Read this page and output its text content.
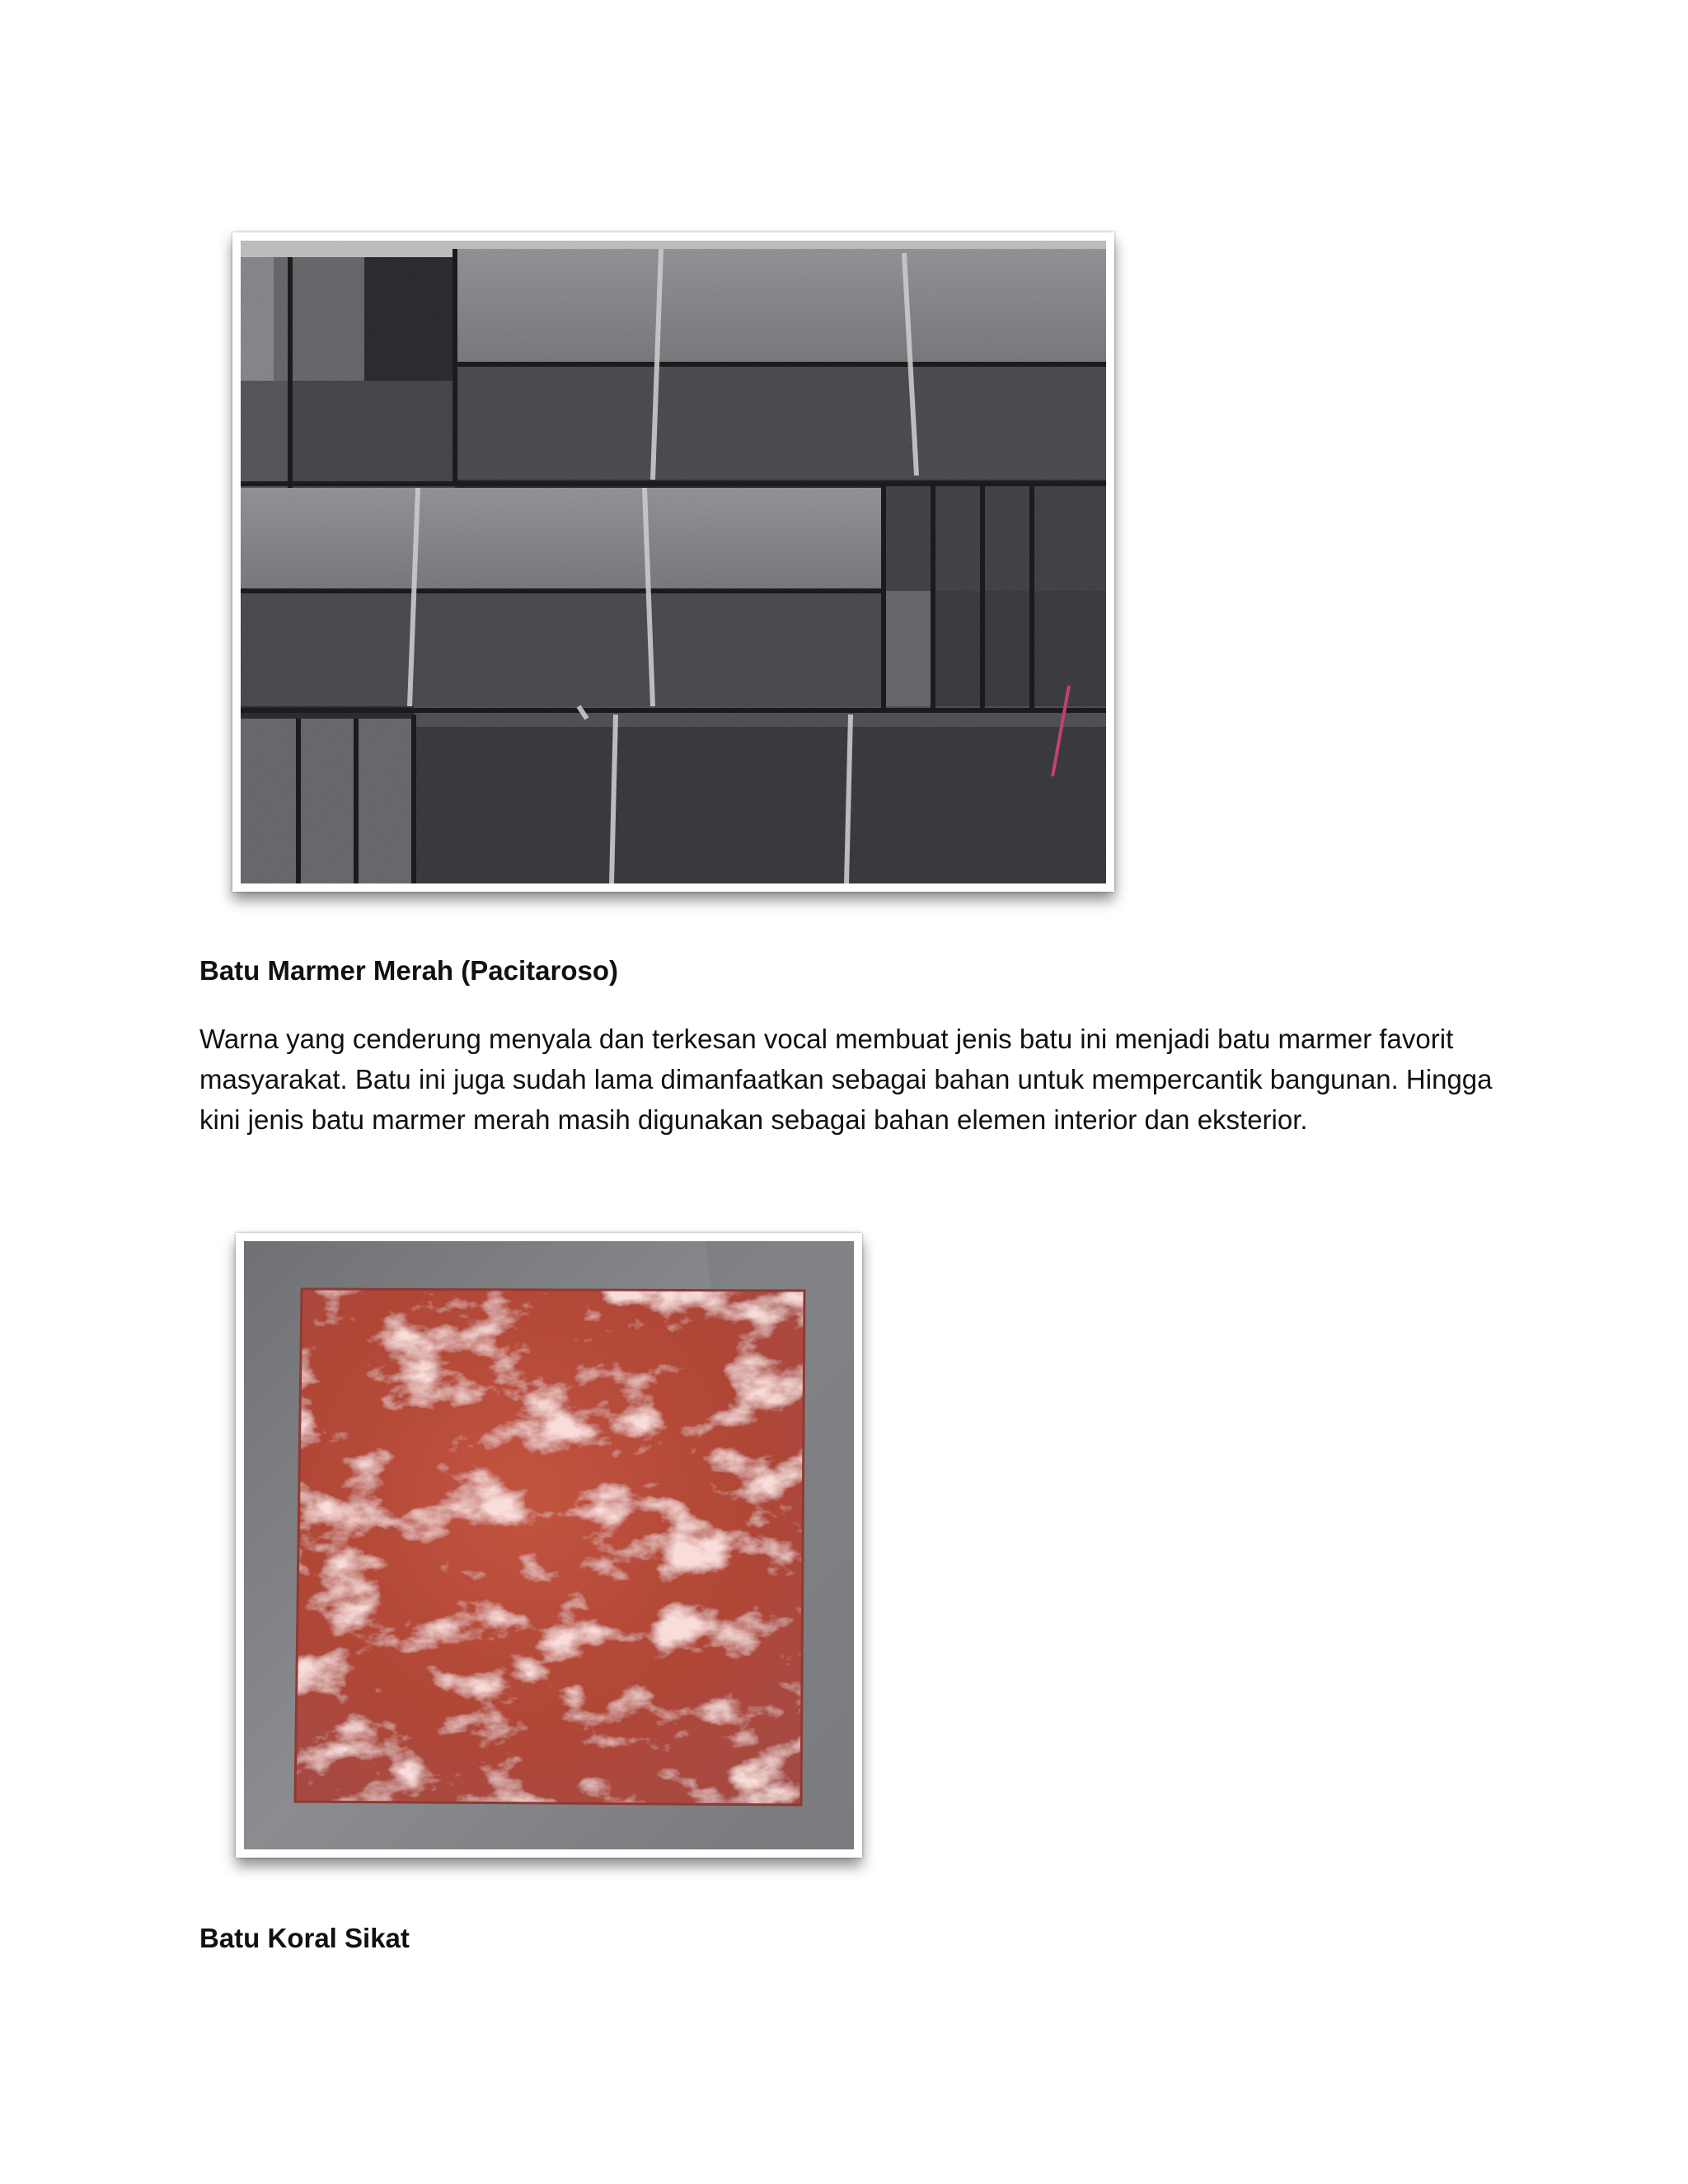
Batu Marmer Merah (Pacitaroso)

Warna yang cenderung menyala dan terkesan vocal membuat jenis batu ini menjadi batu marmer favorit masyarakat. Batu ini juga sudah lama dimanfaatkan sebagai bahan untuk mempercantik bangunan. Hingga kini jenis batu marmer merah masih digunakan sebagai bahan elemen interior dan eksterior.

Batu Koral Sikat
